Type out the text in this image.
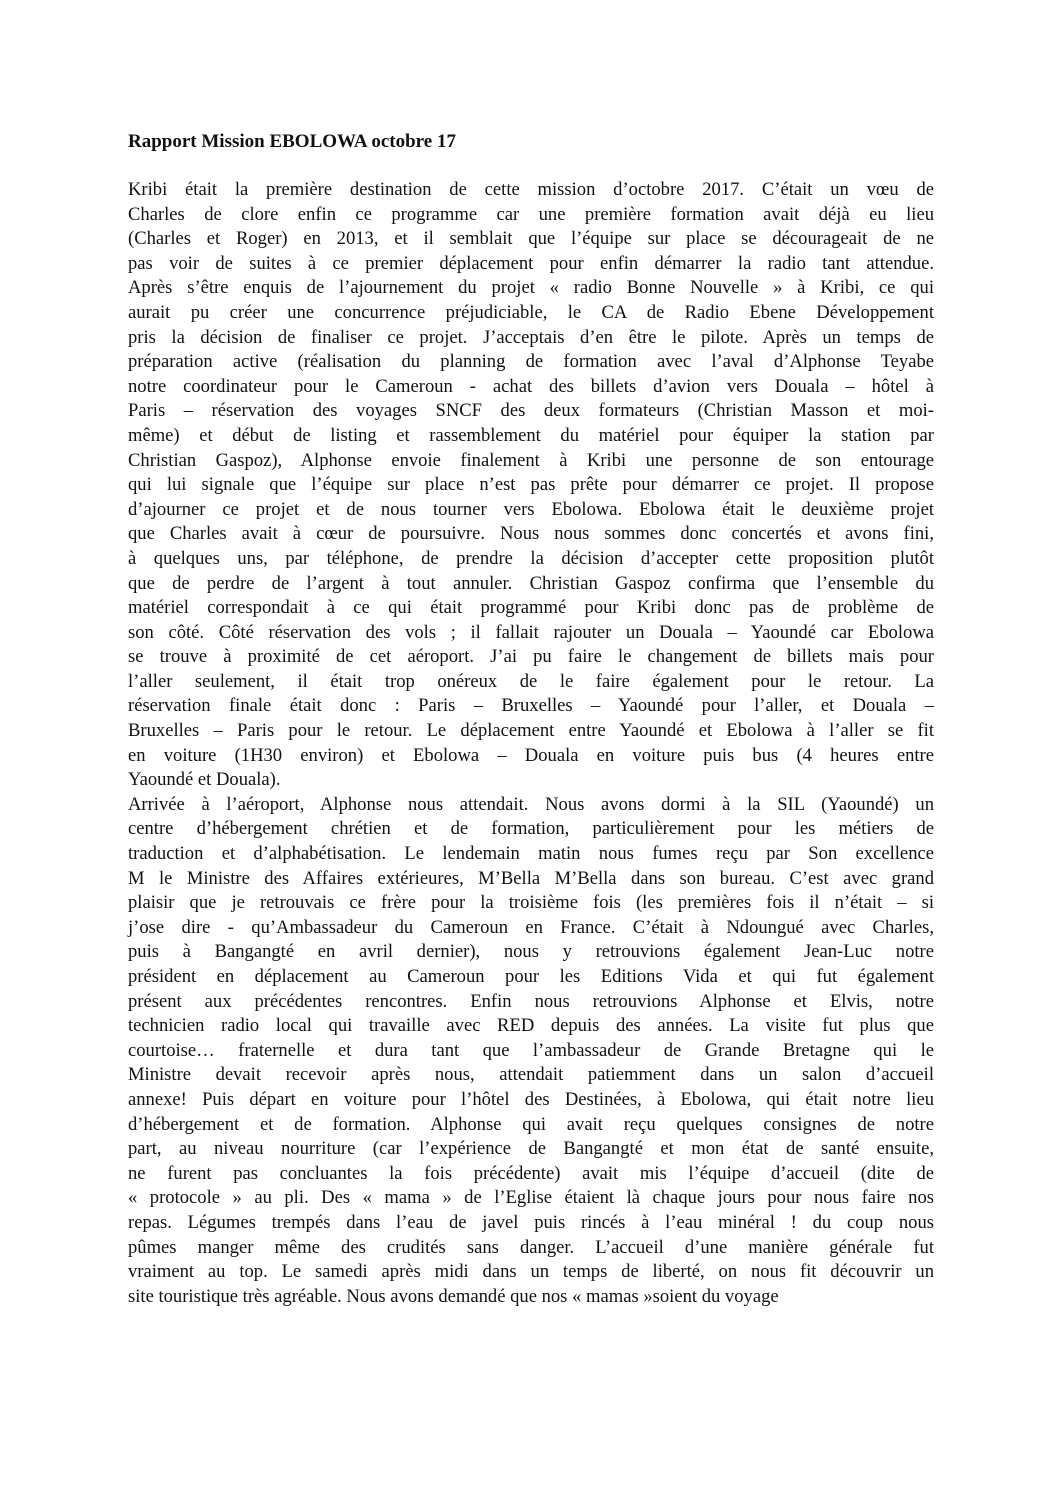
Rapport Mission EBOLOWA octobre 17
Kribi était la première destination de cette mission d’octobre 2017. C’était un vœu de
Charles de clore enfin ce programme car une première formation avait déjà eu lieu
(Charles et Roger) en 2013, et il semblait que l’équipe sur place se décourageait de ne
pas voir de suites à ce premier déplacement pour enfin démarrer la radio tant attendue.
Après s’être enquis de l’ajournement du projet « radio Bonne Nouvelle » à Kribi, ce qui
aurait pu créer une concurrence préjudiciable, le CA de Radio Ebene Développement
pris la décision de finaliser ce projet. J’acceptais d’en être le pilote. Après un temps de
préparation active (réalisation du planning de formation avec l’aval d’Alphonse Teyabe
notre coordinateur pour le Cameroun - achat des billets d’avion vers Douala – hôtel à
Paris – réservation des voyages SNCF des deux formateurs (Christian Masson et moi-
même) et début de listing et rassemblement du matériel pour équiper la station par
Christian Gaspoz), Alphonse envoie finalement à Kribi une personne de son entourage
qui lui signale que l’équipe sur place n’est pas prête pour démarrer ce projet. Il propose
d’ajourner ce projet et de nous tourner vers Ebolowa. Ebolowa était le deuxième projet
que Charles avait à cœur de poursuivre. Nous nous sommes donc concertés et avons fini,
à quelques uns, par téléphone, de prendre la décision d’accepter cette proposition plutôt
que de perdre de l’argent à tout annuler. Christian Gaspoz confirma que l’ensemble du
matériel correspondait à ce qui était programmé pour Kribi donc pas de problème de
son côté. Côté réservation des vols ; il fallait rajouter un Douala – Yaoundé car Ebolowa
se trouve à proximité de cet aéroport. J’ai pu faire le changement de billets mais pour
l’aller seulement, il était trop onéreux de le faire également pour le retour. La
réservation finale était donc : Paris – Bruxelles – Yaoundé pour l’aller, et Douala –
Bruxelles – Paris pour le retour. Le déplacement entre Yaoundé et Ebolowa à l’aller se fit
en voiture (1H30 environ) et Ebolowa – Douala en voiture puis bus (4 heures entre
Yaoundé et Douala).
Arrivée à l’aéroport, Alphonse nous attendait. Nous avons dormi à la SIL (Yaoundé) un
centre d’hébergement chrétien et de formation, particulièrement pour les métiers de
traduction et d’alphabétisation. Le lendemain matin nous fumes reçu par Son excellence
M le Ministre des Affaires extérieures, M’Bella M’Bella dans son bureau. C’est avec grand
plaisir que je retrouvais ce frère pour la troisième fois (les premières fois il n’était – si
j’ose dire - qu’Ambassadeur du Cameroun en France. C’était à Ndoungué avec Charles,
puis à Bangangté en avril dernier), nous y retrouvions également Jean-Luc notre
président en déplacement au Cameroun pour les Editions Vida et qui fut également
présent aux précédentes rencontres. Enfin nous retrouvions Alphonse et Elvis, notre
technicien radio local qui travaille avec RED depuis des années. La visite fut plus que
courtoise… fraternelle et dura tant que l’ambassadeur de Grande Bretagne qui le
Ministre devait recevoir après nous, attendait patiemment dans un salon d’accueil
annexe! Puis départ en voiture pour l’hôtel des Destinées, à Ebolowa, qui était notre lieu
d’hébergement et de formation. Alphonse qui avait reçu quelques consignes de notre
part, au niveau nourriture (car l’expérience de Bangangté et mon état de santé ensuite,
ne furent pas concluantes la fois précédente) avait mis l’équipe d’accueil (dite de
« protocole » au pli. Des « mama » de l’Eglise étaient là chaque jours pour nous faire nos
repas. Légumes trempés dans l’eau de javel puis rincés à l’eau minéral ! du coup nous
pûmes manger même des crudités sans danger. L’accueil d’une manière générale fut
vraiment au top. Le samedi après midi dans un temps de liberté, on nous fit découvrir un
site touristique très agréable. Nous avons demandé que nos « mamas »soient du voyage
